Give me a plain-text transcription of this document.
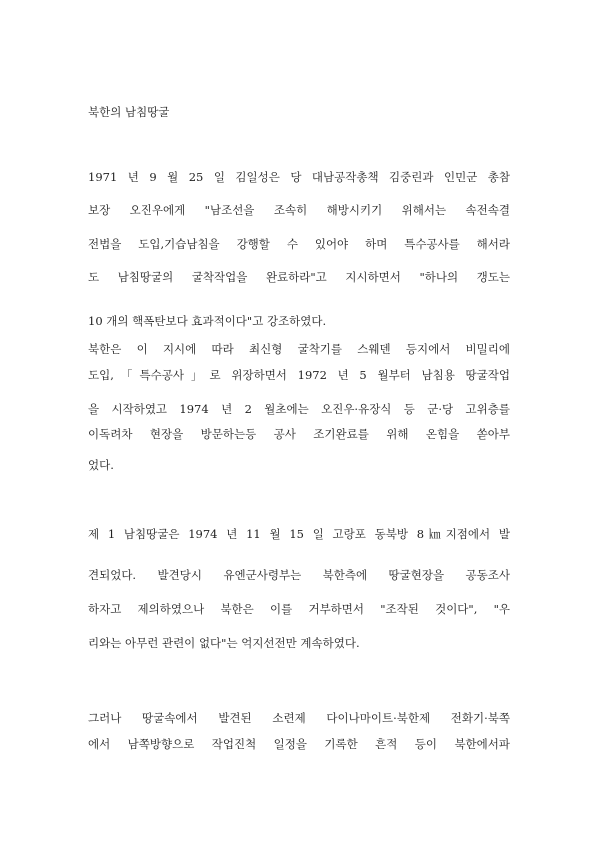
북한의 남침땅굴
1971 년 9 월 25 일 김일성은 당 대남공작총책 김중린과 인민군 총참
보장 오진우에게 "남조선을 조속히 해방시키기 위해서는 속전속결
전법을 도입,기습남침을 강행할 수 있어야 하며 특수공사를 해서라
도 남침땅굴의 굴착작업을 완료하라"고 지시하면서 "하나의 갱도는
10 개의 핵폭탄보다 효과적이다"고 강조하였다.
북한은 이 지시에 따라 최신형 굴착기를 스웨덴 등지에서 비밀리에
도입,「특수공사」로 위장하면서 1972 년 5 월부터 남침용 땅굴작업
을 시작하였고 1974 년 2 월초에는 오진우·유장식 등 군·당 고위층를
이독려차 현장을 방문하는등 공사 조기완료를 위해 온힘을 쏟아부
었다.
제 1 남침땅굴은 1974 년 11 월 15 일 고랑포 동북방 8㎞지점에서 발
견되었다. 발견당시 유엔군사령부는 북한측에 땅굴현장을 공동조사
하자고 제의하였으나 북한은 이를 거부하면서 "조작된 것이다", "우
리와는 아무런 관련이 없다"는 억지선전만 계속하였다.
그러나 땅굴속에서 발견된 소련제 다이나마이트·북한제 전화기·북쪽
에서 남쪽방향으로 작업진척 일정을 기록한 흔적 등이 북한에서파
